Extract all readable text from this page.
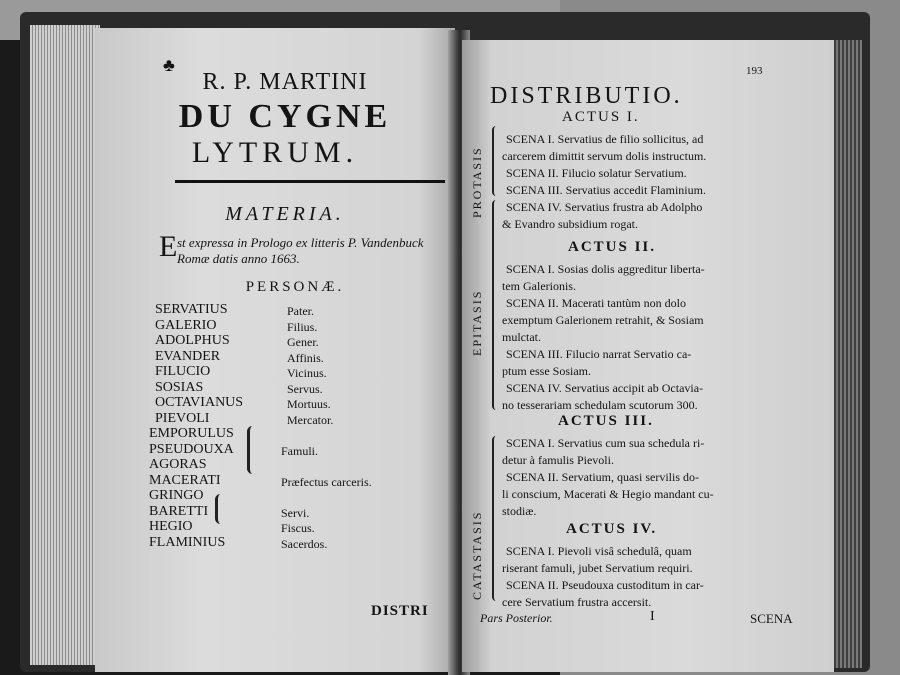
♣
R. P. MARTINI
DU CYGNE
LYTRUM.
MATERIA.
E st expressa in Prologo ex litteris P. Vandenbuck
Romæ datis anno 1663.
PERSONÆ.
SERVATIUS	Pater.
GALERIO	Filius.
ADOLPHUS	Gener.
EVANDER	Affinis.
FILUCIO	Vicinus.
SOSIAS	Servus.
OCTAVIANUS	Mortuus.
PIEVOLI	Mercator.
EMPORULUS
PSEUDOUXA	Famuli.
AGORAS
MACERATI	Præfectus carceris.
GRINGO
BARETTI	Servi.
HEGIO	Fiscus.
FLAMINIUS	Sacerdos.
DISTRI
193
DISTRIBUTIO.
ACTUS I.
PROTASIS
EPITASIS
CATASTASIS
SCENA I. Servatius de filio sollicitus, ad
carcerem dimittit servum dolis instructum.
SCENA II. Filucio solatur Servatium.
SCENA III. Servatius accedit Flaminium.
SCENA IV. Servatius frustra ab Adolpho
& Evandro subsidium rogat.
ACTUS II.
SCENA I. Sosias dolis aggreditur liberta-
tem Galerionis.
SCENA II. Macerati tantùm non dolo
exemptum Galerionem retrahit, & Sosiam
mulctat.
SCENA III. Filucio narrat Servatio ca-
ptum esse Sosiam.
SCENA IV. Servatius accipit ab Octavia-
no tesserariam schedulam scutorum 300.
ACTUS III.
SCENA I. Servatius cum sua schedula ri-
detur à famulis Pievoli.
SCENA II. Servatium, quasi servilis do-
li conscium, Macerati & Hegio mandant cu-
stodiæ.
ACTUS IV.
SCENA I. Pievoli visâ schedulâ, quam
riserant famuli, jubet Servatium requiri.
SCENA II. Pseudouxa custoditum in car-
cere Servatium frustra accersit.
Pars Posterior.	I	SCENA
